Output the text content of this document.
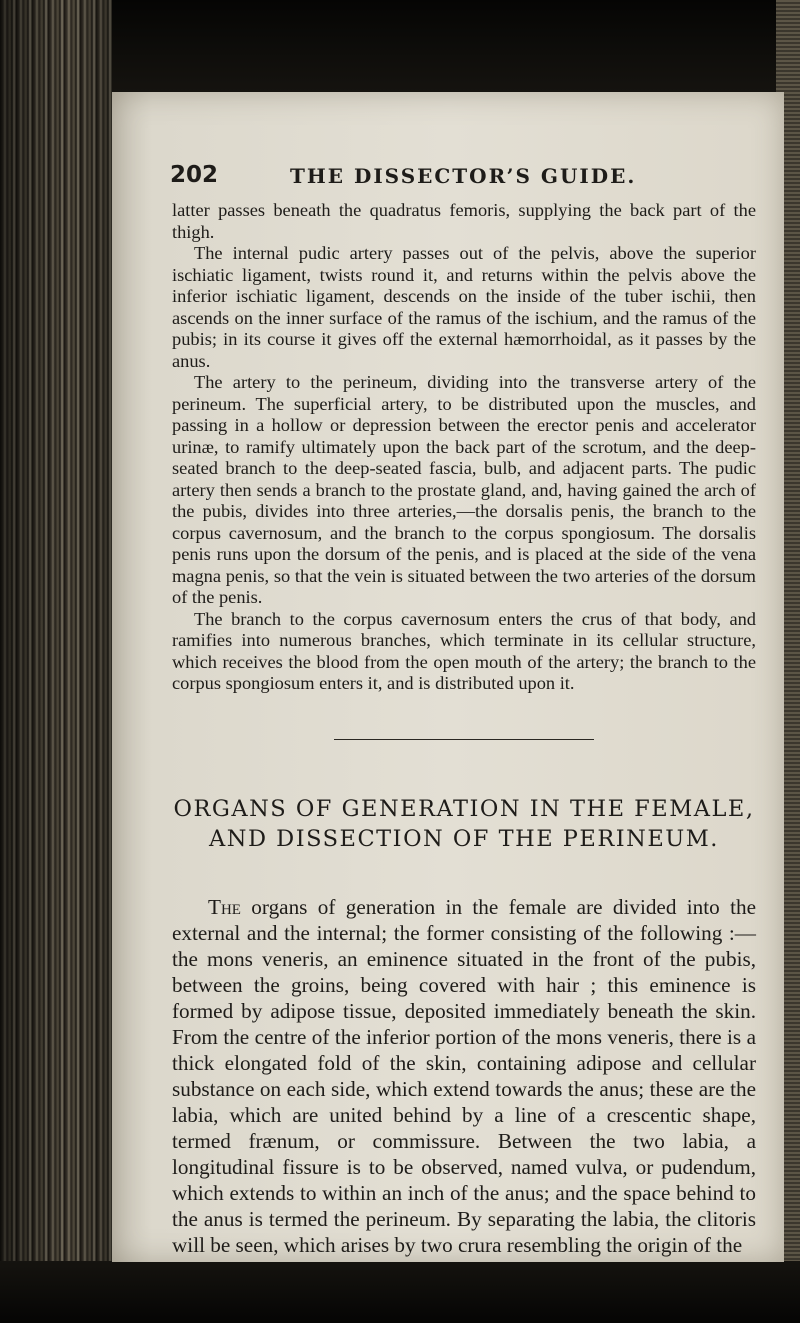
202	THE DISSECTOR’S GUIDE.

latter passes beneath the quadratus femoris, supplying the back part of the thigh.

The internal pudic artery passes out of the pelvis, above the superior ischiatic ligament, twists round it, and returns within the pelvis above the inferior ischiatic ligament, descends on the inside of the tuber ischii, then ascends on the inner surface of the ramus of the ischium, and the ramus of the pubis; in its course it gives off the external hæmorrhoidal, as it passes by the anus.

The artery to the perineum, dividing into the transverse artery of the perineum. The superficial artery, to be distributed upon the muscles, and passing in a hollow or depression between the erector penis and accelerator urinæ, to ramify ultimately upon the back part of the scrotum, and the deep-seated branch to the deep-seated fascia, bulb, and adjacent parts. The pudic artery then sends a branch to the prostate gland, and, having gained the arch of the pubis, divides into three arteries,—the dorsalis penis, the branch to the corpus cavernosum, and the branch to the corpus spongiosum. The dorsalis penis runs upon the dorsum of the penis, and is placed at the side of the vena magna penis, so that the vein is situated between the two arteries of the dorsum of the penis.

The branch to the corpus cavernosum enters the crus of that body, and ramifies into numerous branches, which terminate in its cellular structure, which receives the blood from the open mouth of the artery; the branch to the corpus spongiosum enters it, and is distributed upon it.

ORGANS OF GENERATION IN THE FEMALE,
AND DISSECTION OF THE PERINEUM.

The organs of generation in the female are divided into the external and the internal; the former consisting of the following :—the mons veneris, an eminence situated in the front of the pubis, between the groins, being covered with hair ; this eminence is formed by adipose tissue, deposited immediately beneath the skin. From the centre of the inferior portion of the mons veneris, there is a thick elongated fold of the skin, containing adipose and cellular substance on each side, which extend towards the anus; these are the labia, which are united behind by a line of a crescentic shape, termed frænum, or commissure. Between the two labia, a longitudinal fissure is to be observed, named vulva, or pudendum, which extends to within an inch of the anus; and the space behind to the anus is termed the perineum. By separating the labia, the clitoris will be seen, which arises by two crura resembling the origin of the
